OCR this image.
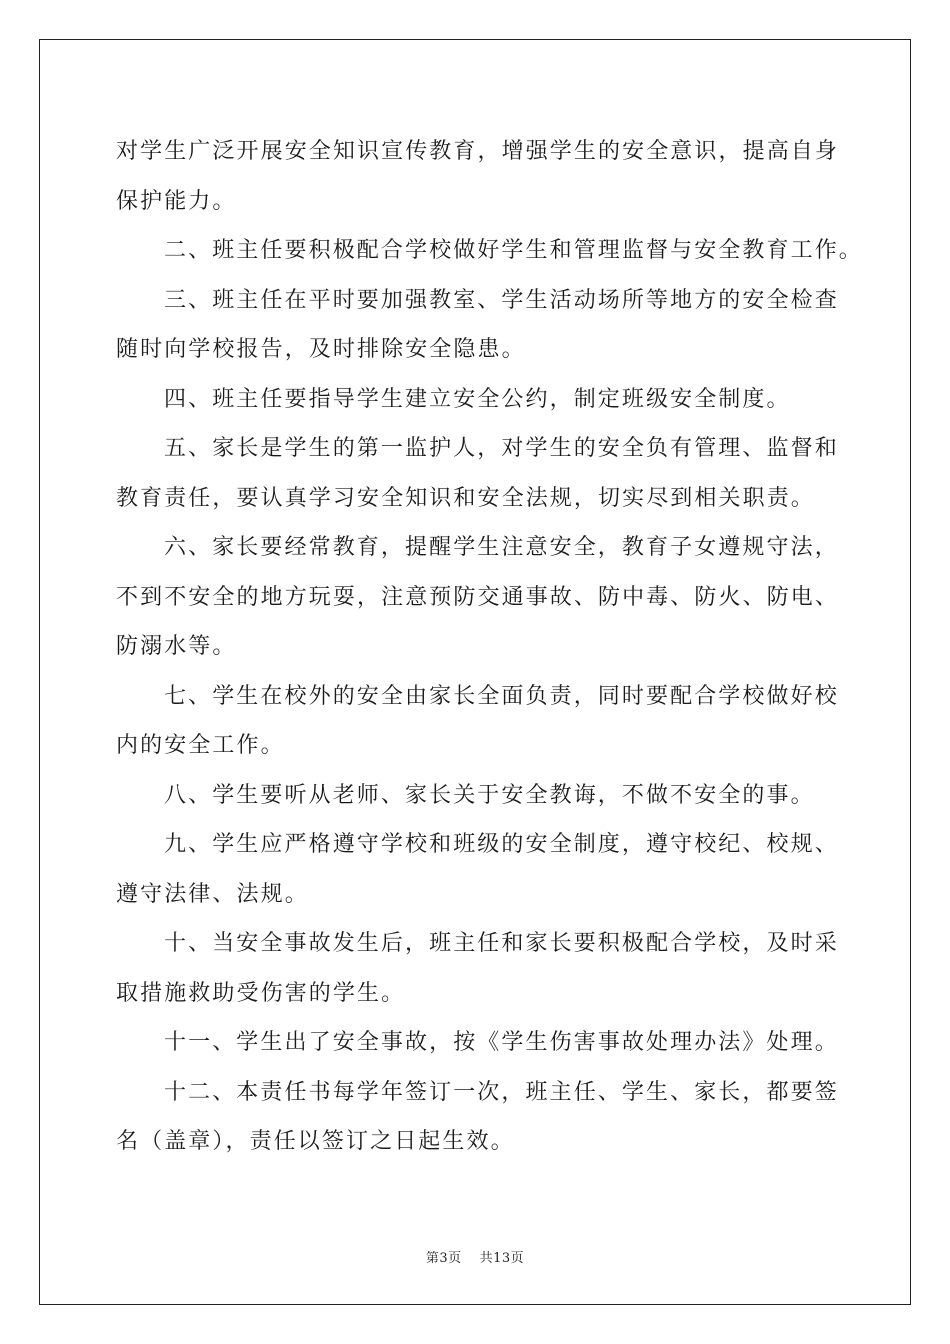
对学生广泛开展安全知识宣传教育，增强学生的安全意识，提高自身
保护能力。

二、班主任要积极配合学校做好学生和管理监督与安全教育工作。

三、班主任在平时要加强教室、学生活动场所等地方的安全检查
随时向学校报告，及时排除安全隐患。

四、班主任要指导学生建立安全公约，制定班级安全制度。

五、家长是学生的第一监护人，对学生的安全负有管理、监督和
教育责任，要认真学习安全知识和安全法规，切实尽到相关职责。

六、家长要经常教育，提醒学生注意安全，教育子女遵规守法，
不到不安全的地方玩耍，注意预防交通事故、防中毒、防火、防电、
防溺水等。

七、学生在校外的安全由家长全面负责，同时要配合学校做好校
内的安全工作。

八、学生要听从老师、家长关于安全教诲，不做不安全的事。

九、学生应严格遵守学校和班级的安全制度，遵守校纪、校规、
遵守法律、法规。

十、当安全事故发生后，班主任和家长要积极配合学校，及时采
取措施救助受伤害的学生。

十一、学生出了安全事故，按《学生伤害事故处理办法》处理。

十二、本责任书每学年签订一次，班主任、学生、家长，都要签
名（盖章），责任以签订之日起生效。

第3页 共13页
